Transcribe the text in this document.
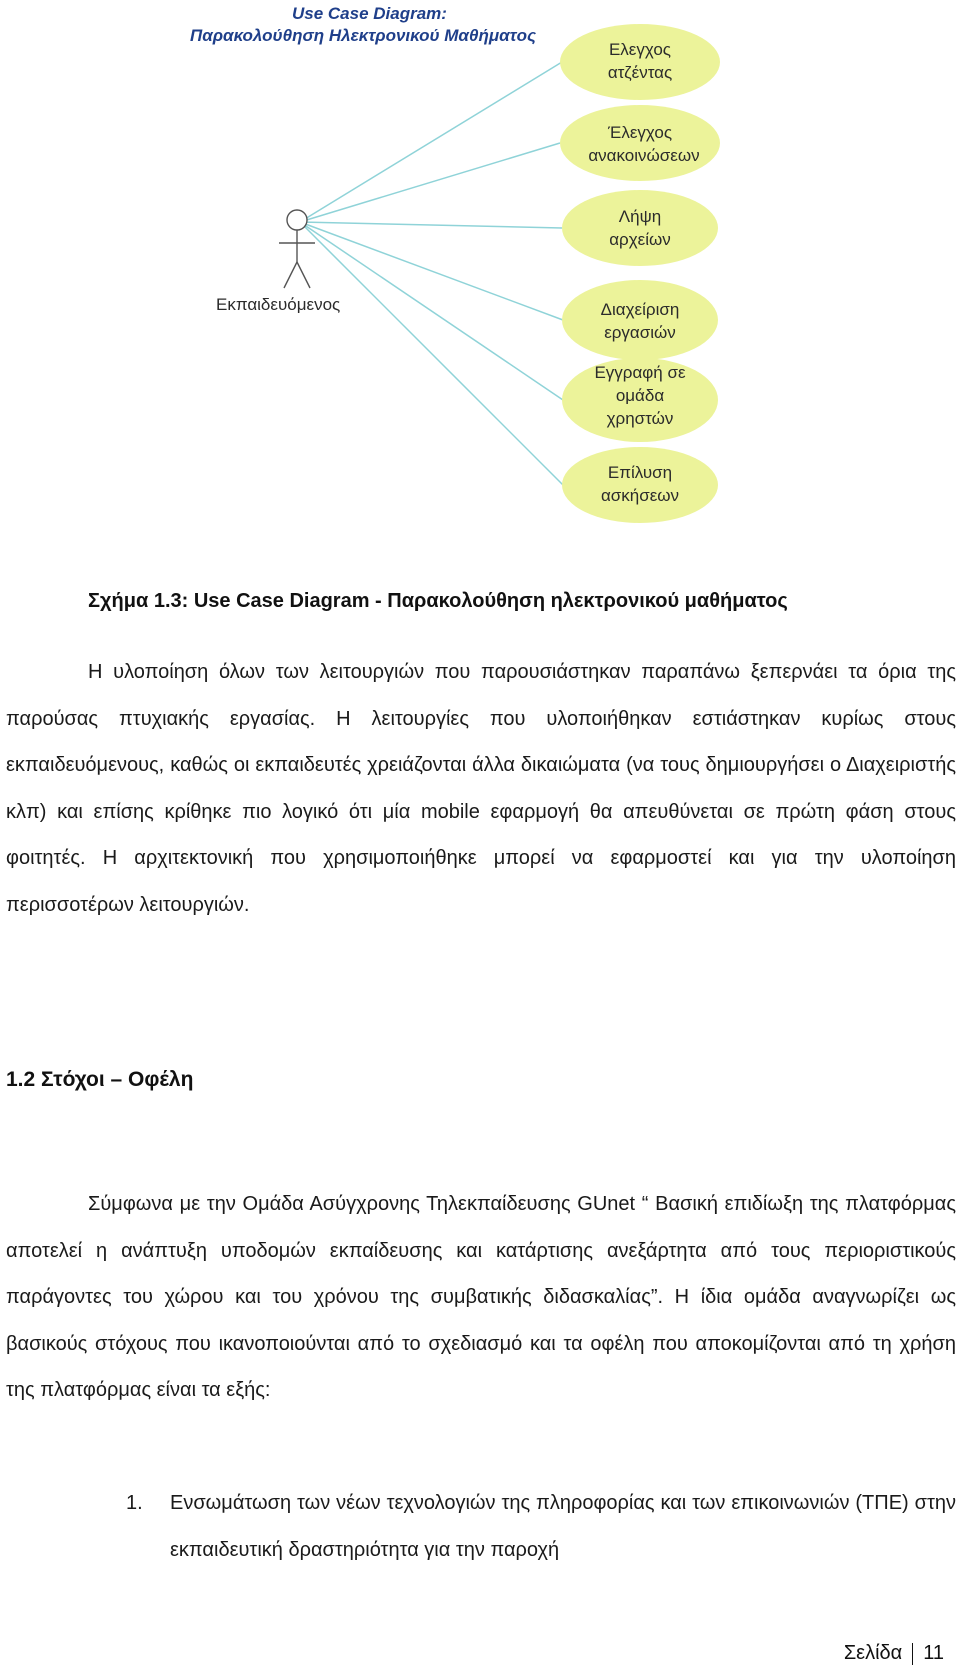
Use Case Diagram:
Παρακολούθηση Ηλεκτρονικού Μαθήματος
Εκπαιδευόμενος
Ελεγχος
ατζέντας
Έλεγχος
ανακοινώσεων
Λήψη
αρχείων
Διαχείριση
εργασιών
Εγγραφή σε
ομάδα
χρηστών
Επίλυση
ασκήσεων
Σχήμα 1.3: Use Case Diagram - Παρακολούθηση ηλεκτρονικού μαθήματος

Η υλοποίηση όλων των λειτουργιών που παρουσιάστηκαν παραπάνω ξεπερνάει τα όρια της παρούσας πτυχιακής εργασίας. Η λειτουργίες που υλοποιήθηκαν εστιάστηκαν κυρίως στους εκπαιδευόμενους, καθώς οι εκπαιδευτές χρειάζονται άλλα δικαιώματα (να τους δημιουργήσει ο Διαχειριστής κλπ) και επίσης κρίθηκε πιο λογικό ότι μία mobile εφαρμογή θα απευθύνεται σε πρώτη φάση στους φοιτητές. Η αρχιτεκτονική που χρησιμοποιήθηκε μπορεί να εφαρμοστεί και για την υλοποίηση περισσοτέρων λειτουργιών.

1.2 Στόχοι – Οφέλη

Σύμφωνα με την Ομάδα Ασύγχρονης Τηλεκπαίδευσης GUnet “ Βασική επιδίωξη της πλατφόρμας αποτελεί η ανάπτυξη υποδομών εκπαίδευσης και κατάρτισης ανεξάρτητα από τους περιοριστικούς παράγοντες του χώρου και του χρόνου της συμβατικής διδασκαλίας”. Η ίδια ομάδα αναγνωρίζει ως βασικούς στόχους που ικανοποιούνται από το σχεδιασμό και τα οφέλη που αποκομίζονται από τη χρήση της πλατφόρμας είναι τα εξής:

1. Ενσωμάτωση των νέων τεχνολογιών της πληροφορίας και των επικοινωνιών (ΤΠΕ) στην εκπαιδευτική δραστηριότητα για την παροχή
Σελίδα 11
